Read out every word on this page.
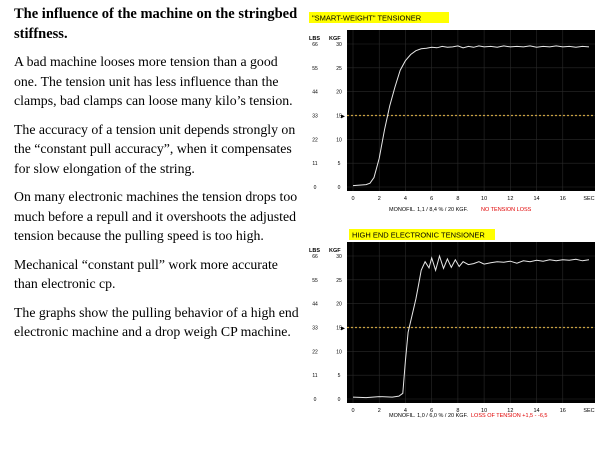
The influence of the machine on the stringbed stiffness.

A bad machine looses more tension than a good one. The tension unit has less influence than the clamps, bad clamps can loose many kilo’s tension.

The accuracy of a tension unit depends strongly on the “constant pull accuracy”, when it compensates for slow elongation of the string.

On many electronic machines the tension drops too much before a repull and it overshoots the adjusted tension because the pulling speed is too high.

Mechanical “constant pull” work more accurate than electronic cp.

The graphs show the pulling behavior of a high end electronic machine and a drop weigh CP machine.

"SMART-WEIGHT" TENSIONER
▸
LBS KGF
66	30
55	25
44	20
33	15
22	10
11	5
0	0
0	2	4	6	8	10	12	14	16	SEC
MONOFIL. 1,1 / 8,4 % / 20 KGF. NO TENSION LOSS
HIGH END ELECTRONIC TENSIONER
▸
LBS KGF
66	30
55	25
44	20
33	15
22	10
11	5
0	0
0	2	4	6	8	10	12	14	16	SEC
MONOFIL. 1,0 / 6,0 % / 20 KGF. LOSS OF TENSION +1,5 - -6,5
